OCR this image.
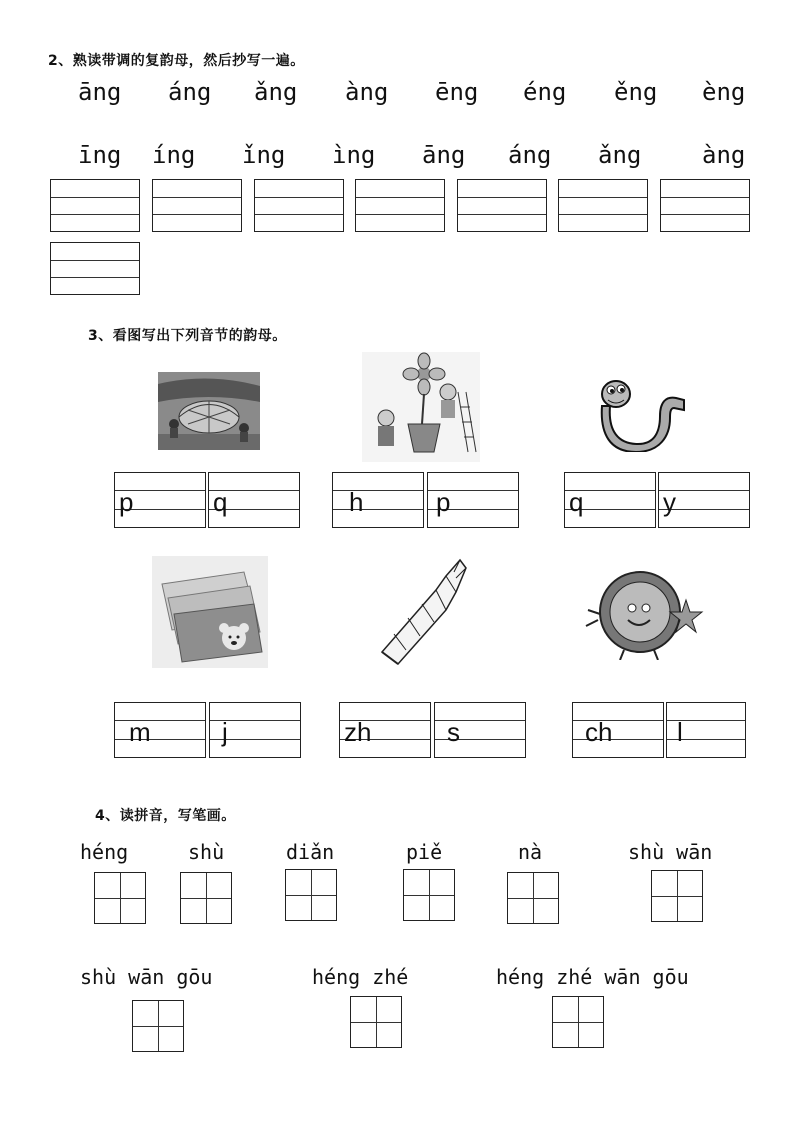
2、熟读带调的复韵母，然后抄写一遍。
āng áng ǎng àng ēng éng ěng èng
īng íng ǐng ìng āng áng ǎng	àng
3、看图写出下列音节的韵母。
p	q	h	p	q	y
m	j	zh	s	ch l
4、读拼音，写笔画。
héng	shù	diǎn	piě	nà	shù wān
shù wān gōu	héng zhé	héng zhé wān gōu
